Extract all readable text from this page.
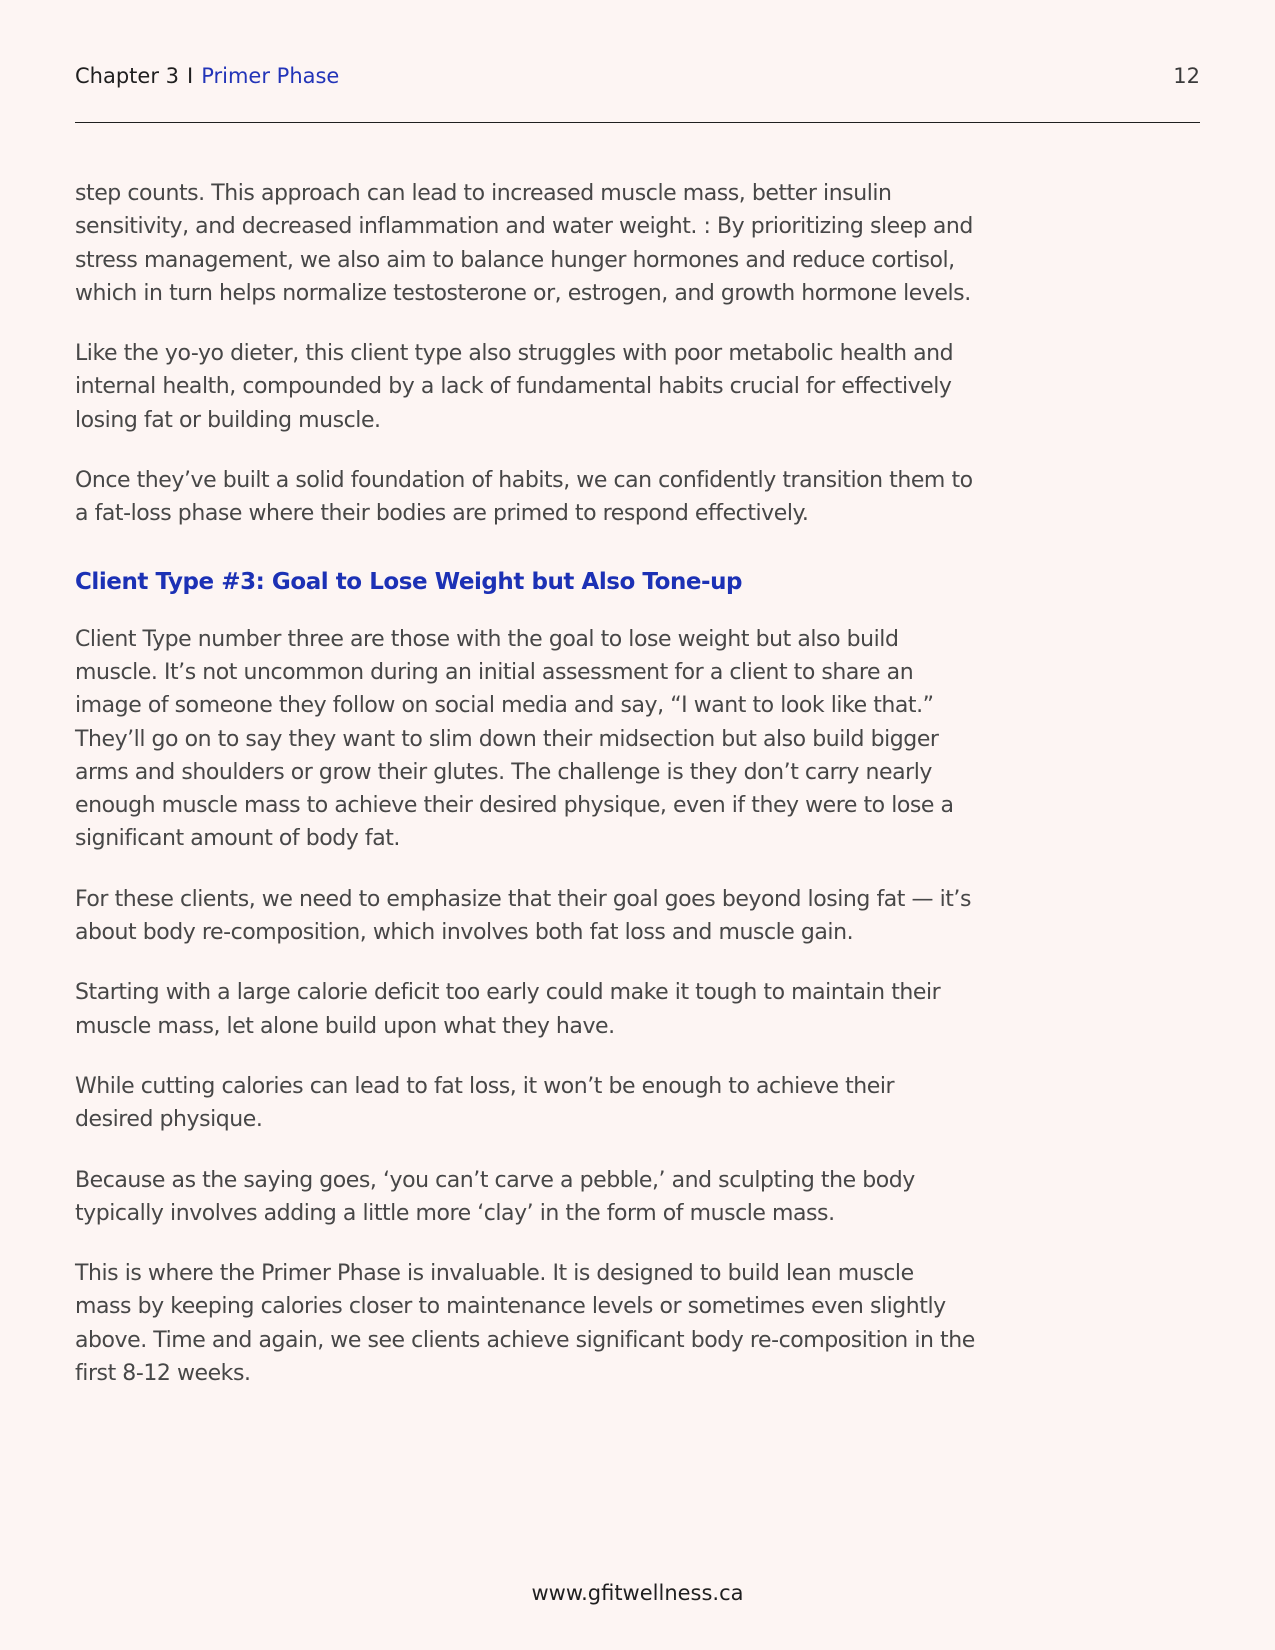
Chapter 3 I Primer Phase	12

step counts. This approach can lead to increased muscle mass, better insulin sensitivity, and decreased inflammation and water weight. : By prioritizing sleep and stress management, we also aim to balance hunger hormones and reduce cortisol, which in turn helps normalize testosterone or, estrogen, and growth hormone levels.

Like the yo-yo dieter, this client type also struggles with poor metabolic health and internal health, compounded by a lack of fundamental habits crucial for effectively losing fat or building muscle.

Once they’ve built a solid foundation of habits, we can confidently transition them to a fat-loss phase where their bodies are primed to respond effectively.

Client Type #3: Goal to Lose Weight but Also Tone-up

Client Type number three are those with the goal to lose weight but also build muscle. It’s not uncommon during an initial assessment for a client to share an image of someone they follow on social media and say, “I want to look like that.” They’ll go on to say they want to slim down their midsection but also build bigger arms and shoulders or grow their glutes. The challenge is they don’t carry nearly enough muscle mass to achieve their desired physique, even if they were to lose a significant amount of body fat.

For these clients, we need to emphasize that their goal goes beyond losing fat — it’s about body re-composition, which involves both fat loss and muscle gain.

Starting with a large calorie deficit too early could make it tough to maintain their muscle mass, let alone build upon what they have.

While cutting calories can lead to fat loss, it won’t be enough to achieve their desired physique.

Because as the saying goes, ‘you can’t carve a pebble,’ and sculpting the body typically involves adding a little more ‘clay’ in the form of muscle mass.

This is where the Primer Phase is invaluable. It is designed to build lean muscle mass by keeping calories closer to maintenance levels or sometimes even slightly above. Time and again, we see clients achieve significant body re-composition in the first 8-12 weeks.

www.gfitwellness.ca
